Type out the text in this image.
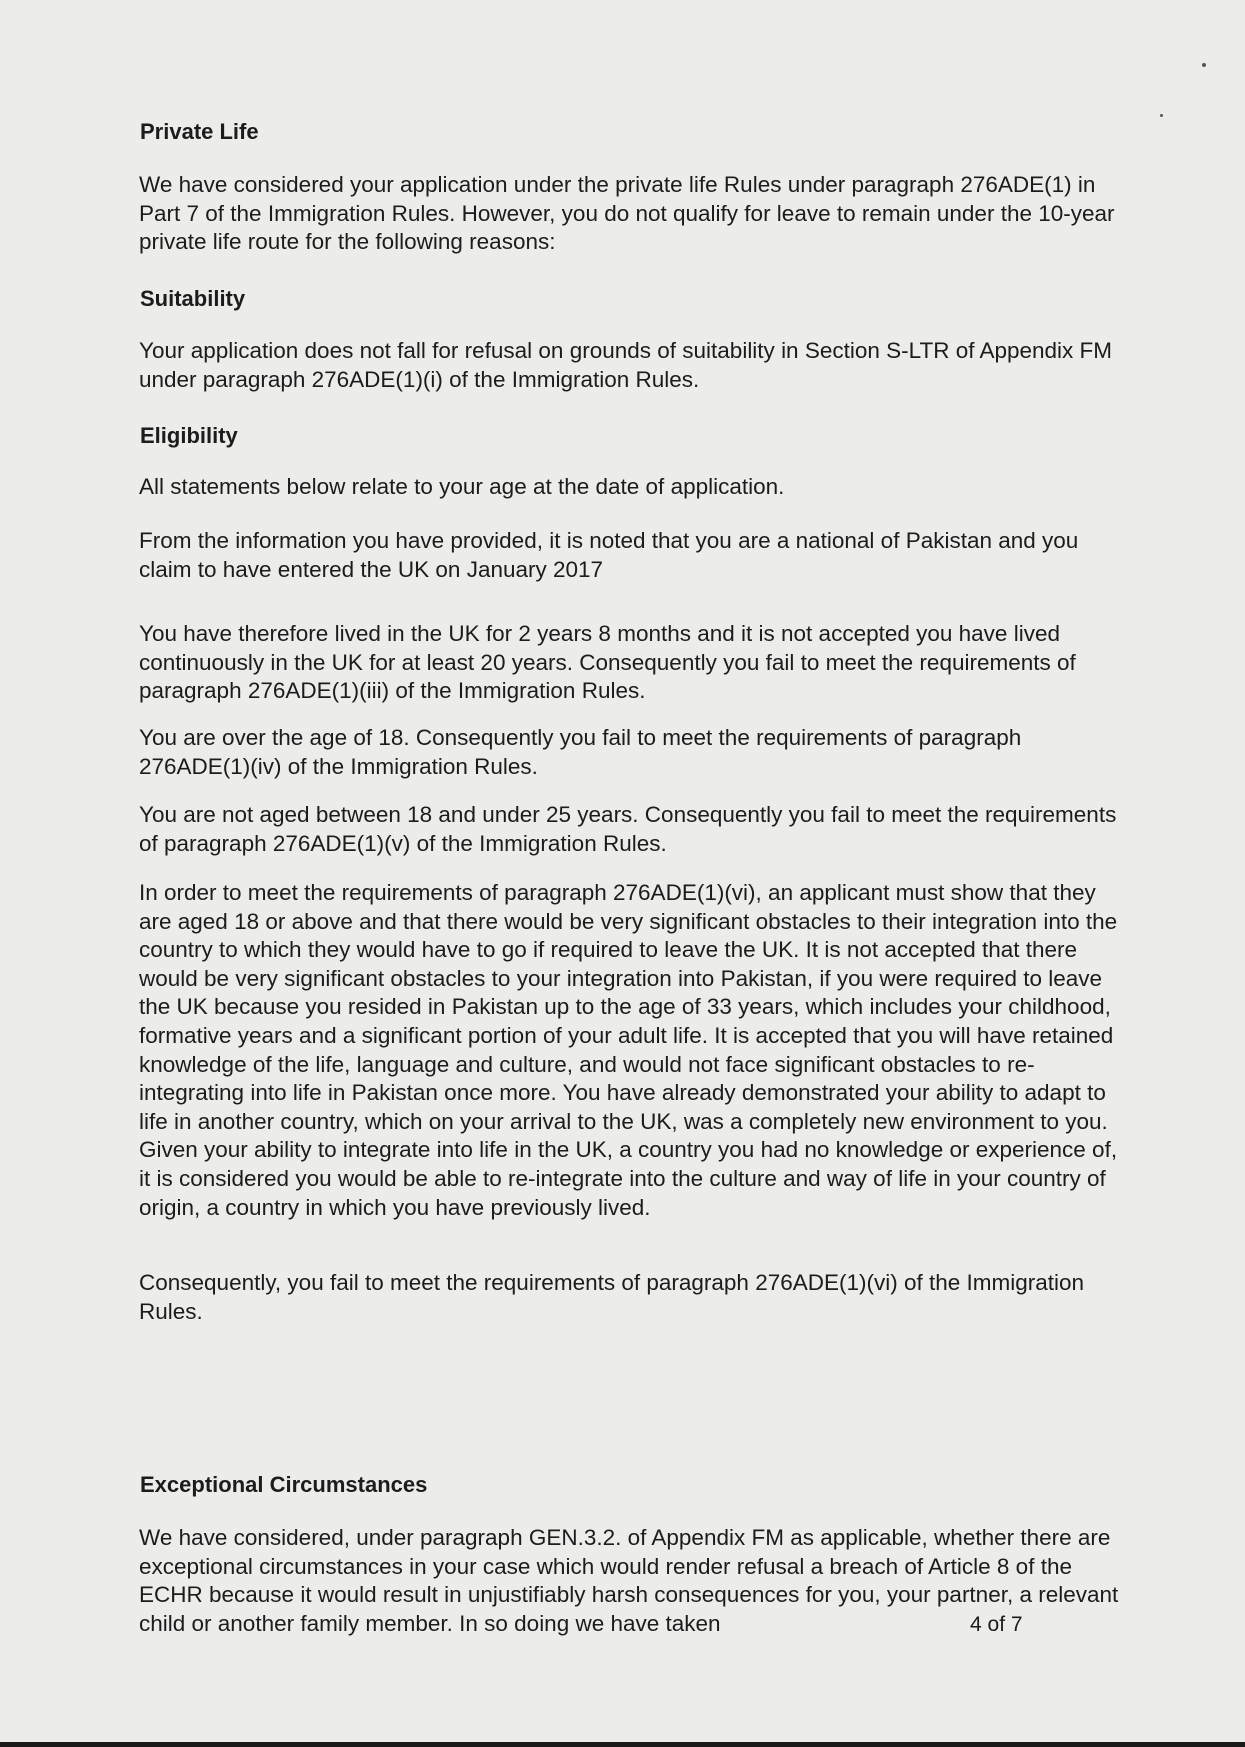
Private Life

We have considered your application under the private life Rules under paragraph 276ADE(1) in Part 7 of the Immigration Rules. However, you do not qualify for leave to remain under the 10-year private life route for the following reasons:

Suitability

Your application does not fall for refusal on grounds of suitability in Section S-LTR of Appendix FM under paragraph 276ADE(1)(i) of the Immigration Rules.

Eligibility

All statements below relate to your age at the date of application.

From the information you have provided, it is noted that you are a national of Pakistan and you claim to have entered the UK on January 2017

You have therefore lived in the UK for 2 years 8 months and it is not accepted you have lived continuously in the UK for at least 20 years. Consequently you fail to meet the requirements of paragraph 276ADE(1)(iii) of the Immigration Rules.

You are over the age of 18. Consequently you fail to meet the requirements of paragraph 276ADE(1)(iv) of the Immigration Rules.

You are not aged between 18 and under 25 years. Consequently you fail to meet the requirements of paragraph 276ADE(1)(v) of the Immigration Rules.

In order to meet the requirements of paragraph 276ADE(1)(vi), an applicant must show that they are aged 18 or above and that there would be very significant obstacles to their integration into the country to which they would have to go if required to leave the UK. It is not accepted that there would be very significant obstacles to your integration into Pakistan, if you were required to leave the UK because you resided in Pakistan up to the age of 33 years, which includes your childhood, formative years and a significant portion of your adult life. It is accepted that you will have retained knowledge of the life, language and culture, and would not face significant obstacles to re-integrating into life in Pakistan once more. You have already demonstrated your ability to adapt to life in another country, which on your arrival to the UK, was a completely new environment to you. Given your ability to integrate into life in the UK, a country you had no knowledge or experience of, it is considered you would be able to re-integrate into the culture and way of life in your country of origin, a country in which you have previously lived.

Consequently, you fail to meet the requirements of paragraph 276ADE(1)(vi) of the Immigration Rules.

Exceptional Circumstances

We have considered, under paragraph GEN.3.2. of Appendix FM as applicable, whether there are exceptional circumstances in your case which would render refusal a breach of Article 8 of the ECHR because it would result in unjustifiably harsh consequences for you, your partner, a relevant child or another family member. In so doing we have taken	4 of 7
